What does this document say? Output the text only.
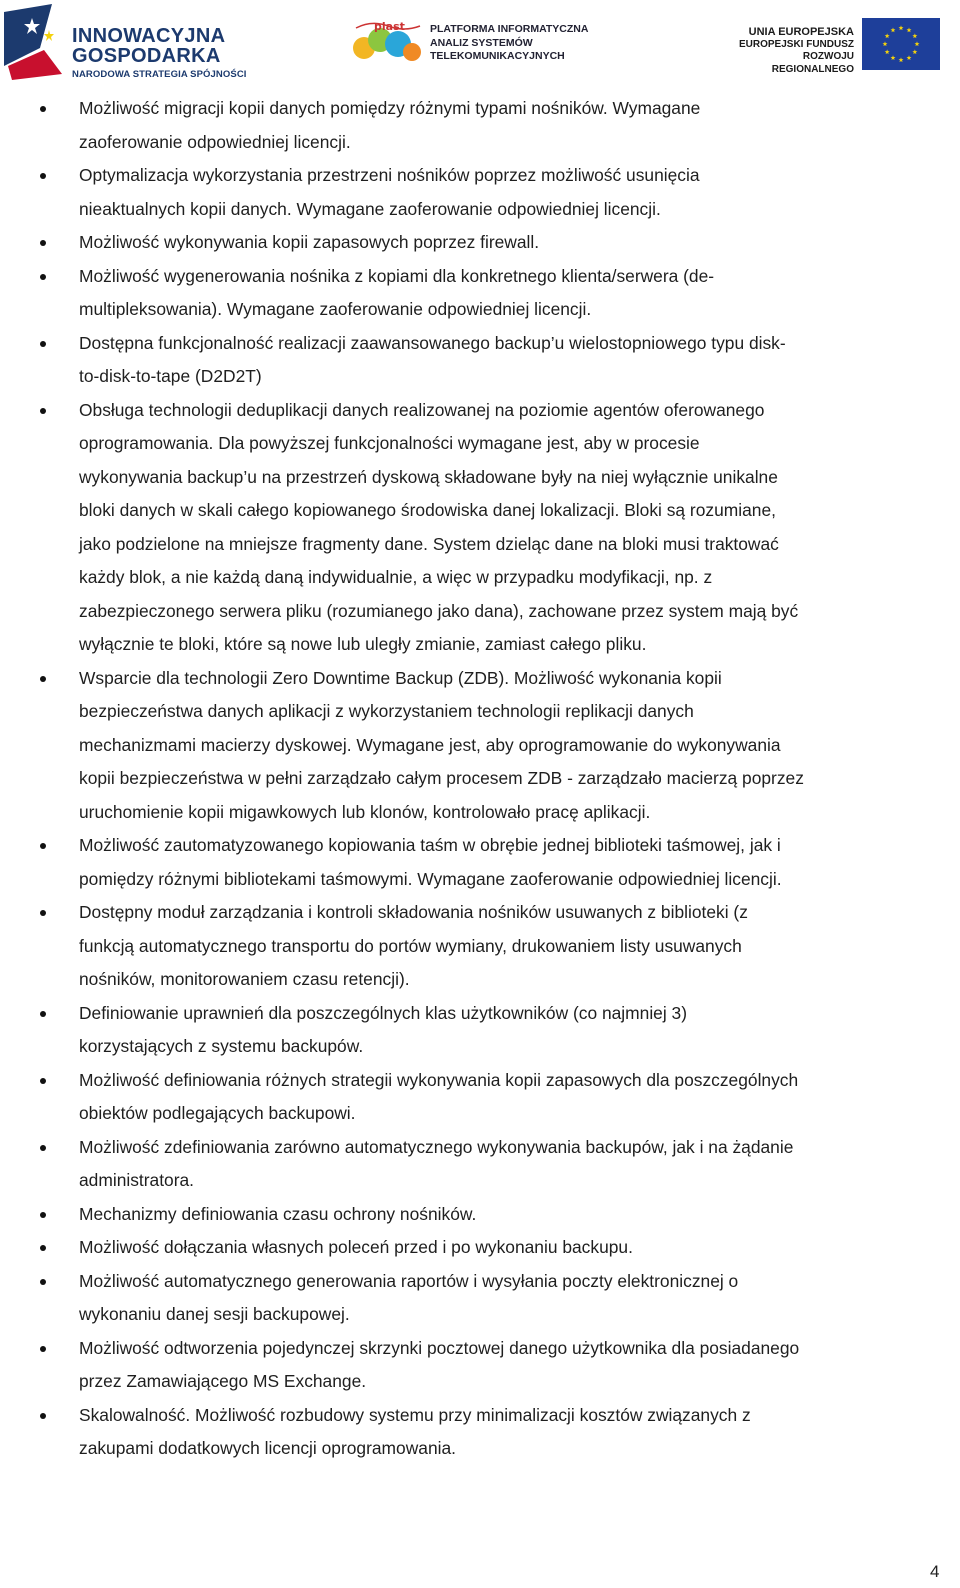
INNOWACYJNA
GOSPODARKA
NARODOWA STRATEGIA SPÓJNOŚCI
plast PLATFORMA INFORMATYCZNA
ANALIZ SYSTEMÓW
TELEKOMUNIKACYJNYCH
UNIA EUROPEJSKA
EUROPEJSKI FUNDUSZ
ROZWOJU REGIONALNEGO
Możliwość migracji kopii danych pomiędzy różnymi typami nośników. Wymagane
zaoferowanie odpowiedniej licencji.
Optymalizacja wykorzystania przestrzeni nośników poprzez możliwość usunięcia
nieaktualnych kopii danych. Wymagane zaoferowanie odpowiedniej licencji.
Możliwość wykonywania kopii zapasowych poprzez firewall.
Możliwość wygenerowania nośnika z kopiami dla konkretnego klienta/serwera (de-
multipleksowania). Wymagane zaoferowanie odpowiedniej licencji.
Dostępna funkcjonalność realizacji zaawansowanego backup’u wielostopniowego typu disk-
to-disk-to-tape (D2D2T)
Obsługa technologii deduplikacji danych realizowanej na poziomie agentów oferowanego
oprogramowania. Dla powyższej funkcjonalności wymagane jest, aby w procesie
wykonywania backup’u na przestrzeń dyskową składowane były na niej wyłącznie unikalne
bloki danych w skali całego kopiowanego środowiska danej lokalizacji. Bloki są rozumiane,
jako podzielone na mniejsze fragmenty dane. System dzieląc dane na bloki musi traktować
każdy blok, a nie każdą daną indywidualnie, a więc w przypadku modyfikacji, np. z
zabezpieczonego serwera pliku (rozumianego jako dana), zachowane przez system mają być
wyłącznie te bloki, które są nowe lub uległy zmianie, zamiast całego pliku.
Wsparcie dla technologii Zero Downtime Backup (ZDB). Możliwość wykonania kopii
bezpieczeństwa danych aplikacji z wykorzystaniem technologii replikacji danych
mechanizmami macierzy dyskowej. Wymagane jest, aby oprogramowanie do wykonywania
kopii bezpieczeństwa w pełni zarządzało całym procesem ZDB - zarządzało macierzą poprzez
uruchomienie kopii migawkowych lub klonów, kontrolowało pracę aplikacji.
Możliwość zautomatyzowanego kopiowania taśm w obrębie jednej biblioteki taśmowej, jak i
pomiędzy różnymi bibliotekami taśmowymi. Wymagane zaoferowanie odpowiedniej licencji.
Dostępny moduł zarządzania i kontroli składowania nośników usuwanych z biblioteki (z
funkcją automatycznego transportu do portów wymiany, drukowaniem listy usuwanych
nośników, monitorowaniem czasu retencji).
Definiowanie uprawnień dla poszczególnych klas użytkowników (co najmniej 3)
korzystających z systemu backupów.
Możliwość definiowania różnych strategii wykonywania kopii zapasowych dla poszczególnych
obiektów podlegających backupowi.
Możliwość zdefiniowania zarówno automatycznego wykonywania backupów, jak i na żądanie
administratora.
Mechanizmy definiowania czasu ochrony nośników.
Możliwość dołączania własnych poleceń przed i po wykonaniu backupu.
Możliwość automatycznego generowania raportów i wysyłania poczty elektronicznej o
wykonaniu danej sesji backupowej.
Możliwość odtworzenia pojedynczej skrzynki pocztowej danego użytkownika dla posiadanego
przez Zamawiającego MS Exchange.
Skalowalność. Możliwość rozbudowy systemu przy minimalizacji kosztów związanych z
zakupami dodatkowych licencji oprogramowania.
4
